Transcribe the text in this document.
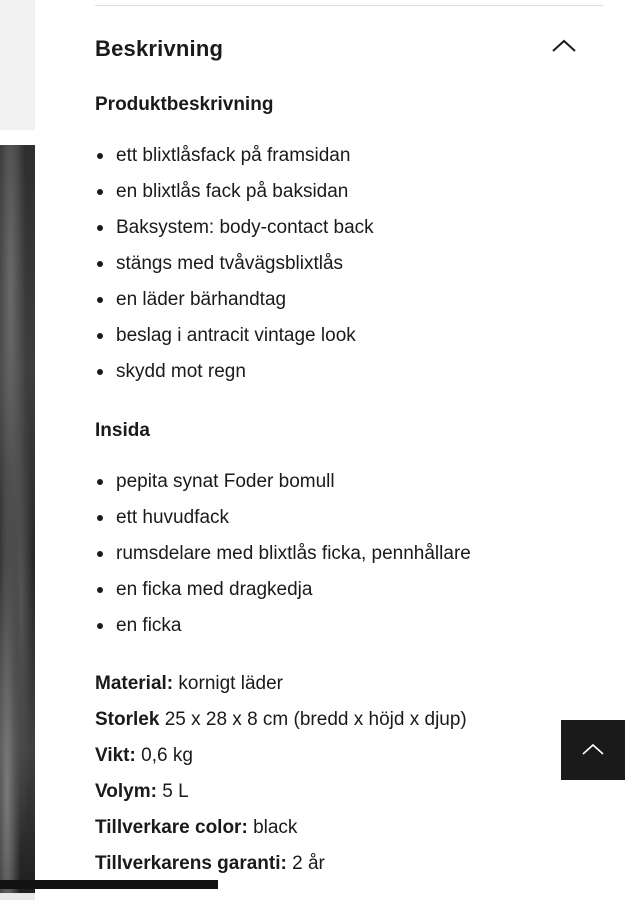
Beskrivning
Produktbeskrivning
ett blixtlåsfack på framsidan
en blixtlås fack på baksidan
Baksystem: body-contact back
stängs med tvåvägsblixtlås
en läder bärhandtag
beslag i antracit vintage look
skydd mot regn
Insida
pepita synat Foder bomull
ett huvudfack
rumsdelare med blixtlås ficka, pennhållare
en ficka med dragkedja
en ficka
Material: kornigt läder
Storlek 25 x 28 x 8 cm (bredd x höjd x djup)
Vikt: 0,6 kg
Volym: 5 L
Tillverkare color: black
Tillverkarens garanti: 2 år
